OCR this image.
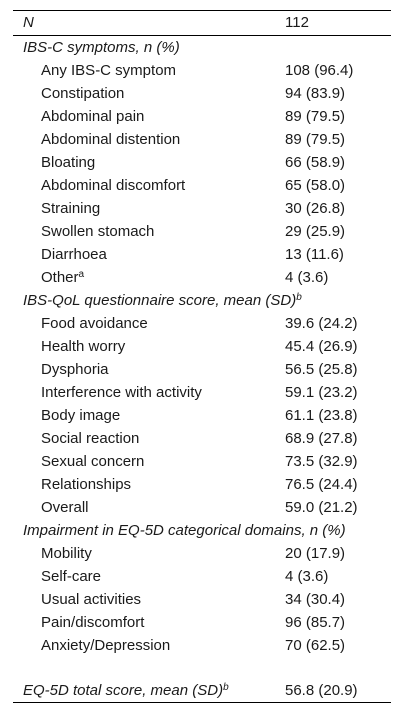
N	112
IBS-C symptoms, n (%)
Any IBS-C symptom	108 (96.4)
Constipation	94 (83.9)
Abdominal pain	89 (79.5)
Abdominal distention	89 (79.5)
Bloating	66 (58.9)
Abdominal discomfort	65 (58.0)
Straining	30 (26.8)
Swollen stomach	29 (25.9)
Diarrhoea	13 (11.6)
Other$^a$	4 (3.6)
IBS-QoL questionnaire score, mean (SD)$^b$
Food avoidance	39.6 (24.2)
Health worry	45.4 (26.9)
Dysphoria	56.5 (25.8)
Interference with activity	59.1 (23.2)
Body image	61.1 (23.8)
Social reaction	68.9 (27.8)
Sexual concern	73.5 (32.9)
Relationships	76.5 (24.4)
Overall	59.0 (21.2)
Impairment in EQ-5D categorical domains, n (%)
Mobility	20 (17.9)
Self-care	4 (3.6)
Usual activities	34 (30.4)
Pain/discomfort	96 (85.7)
Anxiety/Depression	70 (62.5)
EQ-5D total score, mean (SD)$^b$	56.8 (20.9)
